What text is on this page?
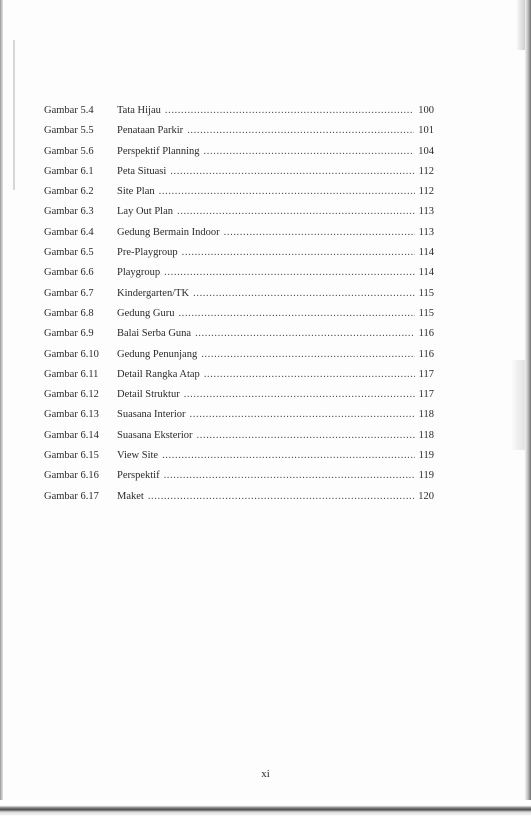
Gambar 5.4 Tata Hijau .....	100
Gambar 5.5 Penataan Parkir .....	101
Gambar 5.6 Perspektif Planning .....	104
Gambar 6.1 Peta Situasi .....	112
Gambar 6.2 Site Plan .....	112
Gambar 6.3 Lay Out Plan .....	113
Gambar 6.4 Gedung Bermain Indoor .....	113
Gambar 6.5 Pre-Playgroup .....	114
Gambar 6.6 Playgroup .....	114
Gambar 6.7 Kindergarten/TK .....	115
Gambar 6.8 Gedung Guru .....	115
Gambar 6.9 Balai Serba Guna .....	116
Gambar 6.10 Gedung Penunjang .....	116
Gambar 6.11 Detail Rangka Atap .....	117
Gambar 6.12 Detail Struktur .....	117
Gambar 6.13 Suasana Interior .....	118
Gambar 6.14 Suasana Eksterior .....	118
Gambar 6.15 View Site .....	119
Gambar 6.16 Perspektif .....	119
Gambar 6.17 Maket .....	120
xi
